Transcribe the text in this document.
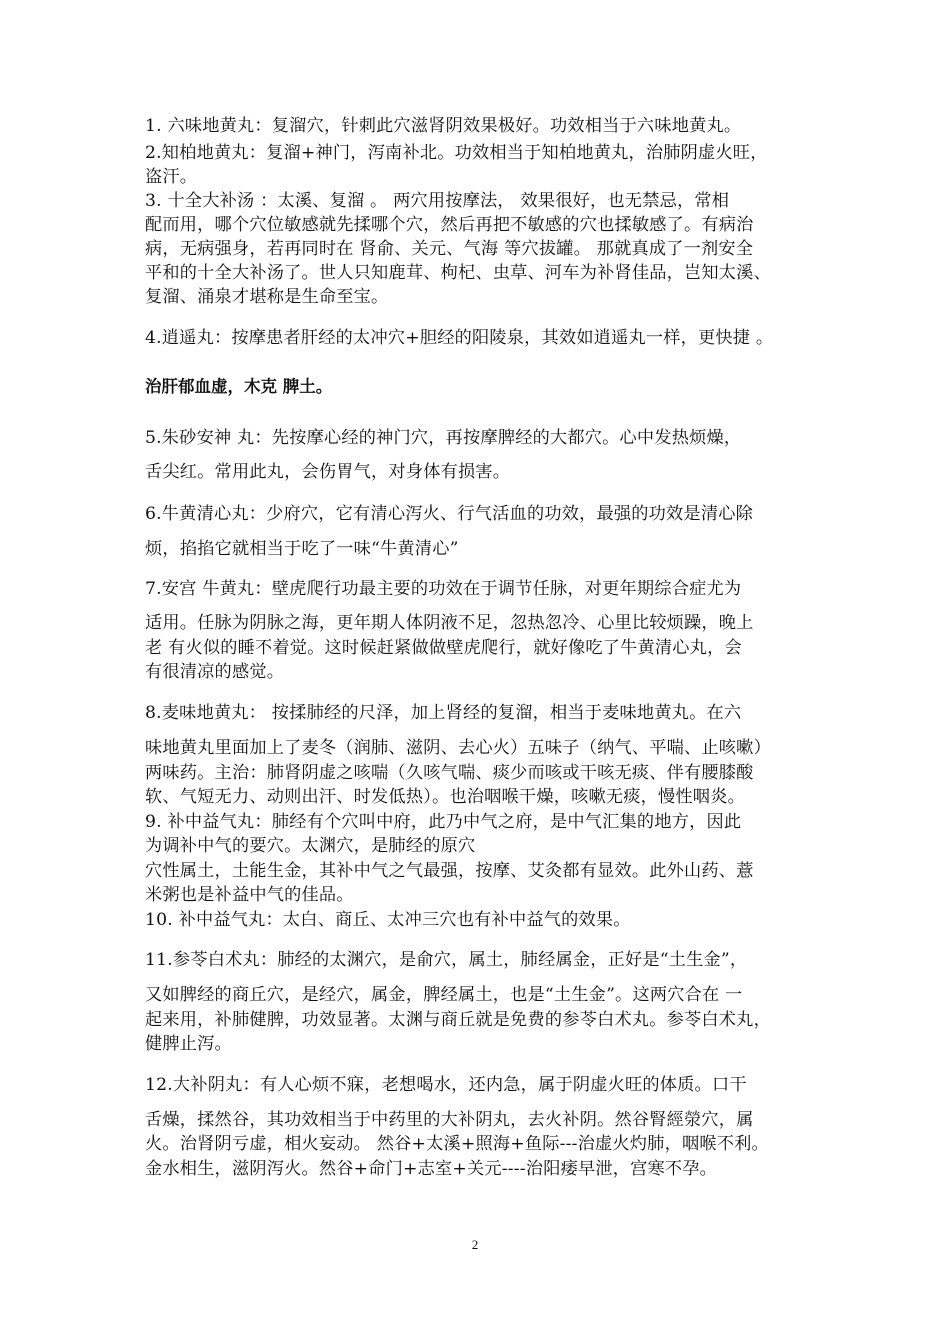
1. 六味地黄丸：复溜穴，针刺此穴滋肾阴效果极好。功效相当于六味地黄丸。
2.知柏地黄丸：复溜+神门，泻南补北。功效相当于知柏地黄丸，治肺阴虚火旺，
盗汗。
3. 十全大补汤 ：太溪、复溜 。 两穴用按摩法， 效果很好，也无禁忌，常相
配而用，哪个穴位敏感就先揉哪个穴，然后再把不敏感的穴也揉敏感了。有病治
病，无病强身，若再同时在 肾俞、关元、气海 等穴拔罐。 那就真成了一剂安全
平和的十全大补汤了。世人只知鹿茸、枸杞、虫草、河车为补肾佳品，岂知太溪、
复溜、涌泉才堪称是生命至宝。
4.逍遥丸：按摩患者肝经的太冲穴+胆经的阳陵泉，其效如逍遥丸一样，更快捷 。
治肝郁血虚，木克 脾土。
5.朱砂安神 丸：先按摩心经的神门穴，再按摩脾经的大都穴。心中发热烦燥，
舌尖红。常用此丸，会伤胃气，对身体有损害。
6.牛黄清心丸：少府穴，它有清心泻火、行气活血的功效，最强的功效是清心除
烦，掐掐它就相当于吃了一味“牛黄清心”
7.安宫 牛黄丸：壁虎爬行功最主要的功效在于调节任脉，对更年期综合症尤为
适用。任脉为阴脉之海，更年期人体阴液不足，忽热忽冷、心里比较烦躁，晚上
老 有火似的睡不着觉。这时候赶紧做做壁虎爬行，就好像吃了牛黄清心丸，会
有很清凉的感觉。
8.麦味地黄丸： 按揉肺经的尺泽，加上肾经的复溜，相当于麦味地黄丸。在六
味地黄丸里面加上了麦冬（润肺、滋阴、去心火）五味子（纳气、平喘、止咳嗽）
两味药。主治：肺肾阴虚之咳喘（久咳气喘、痰少而咳或干咳无痰、伴有腰膝酸
软、气短无力、动则出汗、时发低热）。也治咽喉干燥，咳嗽无痰，慢性咽炎。
9. 补中益气丸：肺经有个穴叫中府，此乃中气之府，是中气汇集的地方，因此
为调补中气的要穴。太渊穴，是肺经的原穴
穴性属土，土能生金，其补中气之气最强，按摩、艾灸都有显效。此外山药、薏
米粥也是补益中气的佳品。
10. 补中益气丸：太白、商丘、太冲三穴也有补中益气的效果。
11.参苓白术丸：肺经的太渊穴，是俞穴，属土，肺经属金，正好是“土生金”，
又如脾经的商丘穴，是经穴，属金，脾经属土，也是“土生金”。这两穴合在 一
起来用，补肺健脾，功效显著。太渊与商丘就是免费的参苓白术丸。参苓白术丸，
健脾止泻。
12.大补阴丸：有人心烦不寐，老想喝水，还内急，属于阴虚火旺的体质。口干
舌燥，揉然谷，其功效相当于中药里的大补阴丸，去火补阴。然谷腎經滎穴，属
火。治肾阴亏虚，相火妄动。 然谷+太溪+照海+鱼际---治虚火灼肺，咽喉不利。
金水相生，滋阴泻火。然谷+命门+志室+关元----治阳痿早泄，宫寒不孕。
2
